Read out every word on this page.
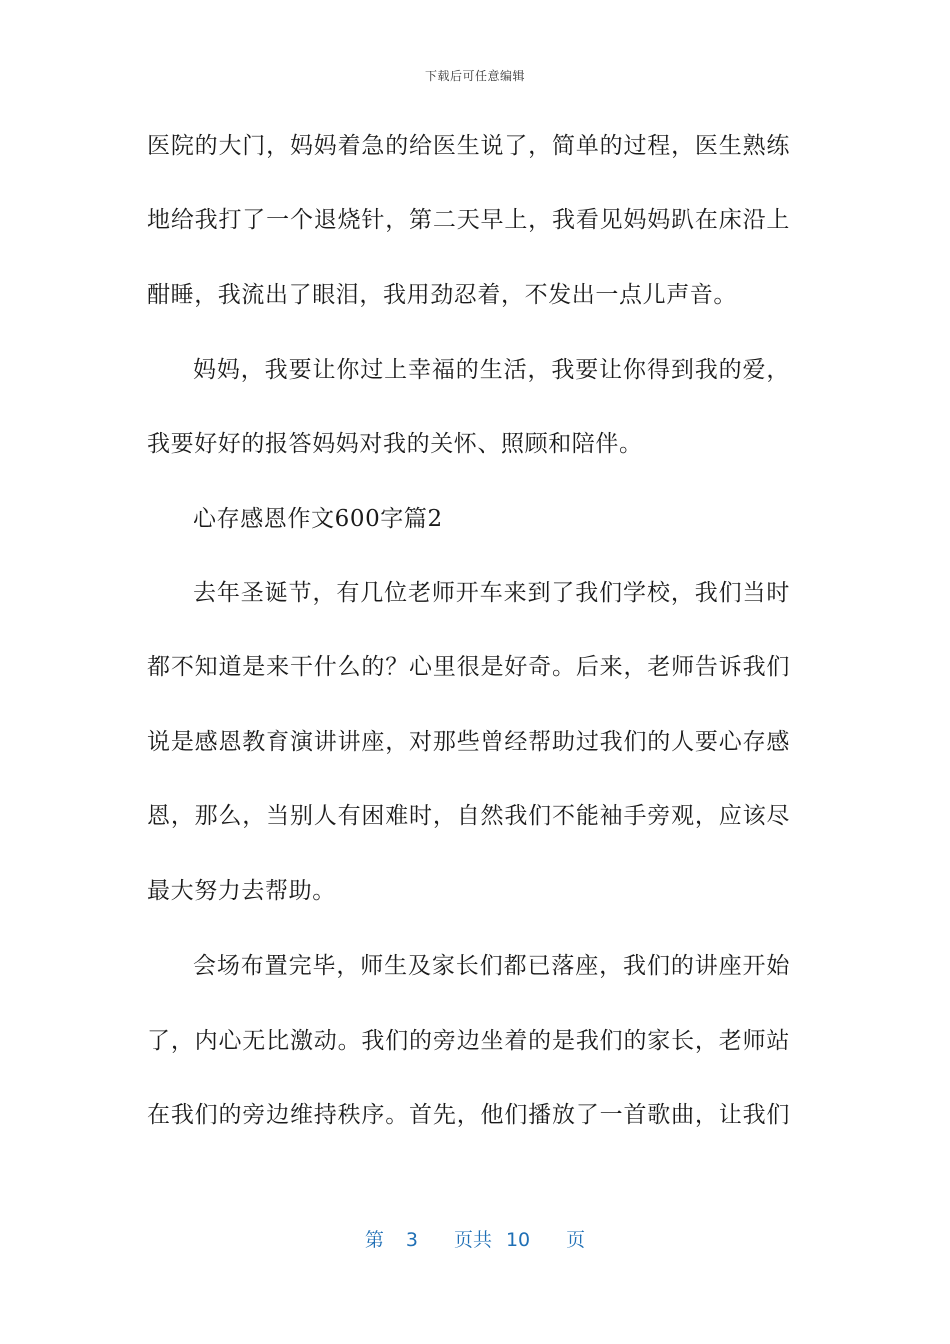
下载后可任意编辑
医院的大门，妈妈着急的给医生说了，简单的过程，医生熟练
地给我打了一个退烧针，第二天早上，我看见妈妈趴在床沿上
酣睡，我流出了眼泪，我用劲忍着，不发出一点儿声音。
妈妈，我要让你过上幸福的生活，我要让你得到我的爱，
我要好好的报答妈妈对我的关怀、照顾和陪伴。
心存感恩作文600字篇2
去年圣诞节，有几位老师开车来到了我们学校，我们当时
都不知道是来干什么的？心里很是好奇。后来，老师告诉我们
说是感恩教育演讲讲座，对那些曾经帮助过我们的人要心存感
恩，那么，当别人有困难时，自然我们不能袖手旁观，应该尽
最大努力去帮助。
会场布置完毕，师生及家长们都已落座，我们的讲座开始
了，内心无比激动。我们的旁边坐着的是我们的家长，老师站
在我们的旁边维持秩序。首先，他们播放了一首歌曲，让我们
第 3 页共 10 页
